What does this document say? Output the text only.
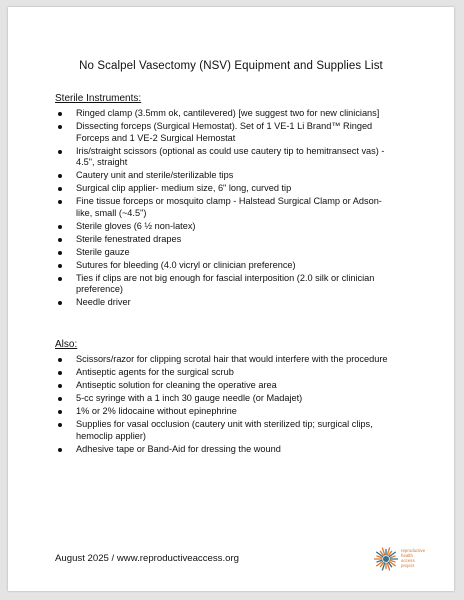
No Scalpel Vasectomy (NSV) Equipment and Supplies List
Sterile Instruments:
Ringed clamp (3.5mm ok, cantilevered) [we suggest two for new clinicians]
Dissecting forceps (Surgical Hemostat). Set of 1 VE-1 Li Brand™ Ringed Forceps and 1 VE-2 Surgical Hemostat
Iris/straight scissors (optional as could use cautery tip to hemitransect vas) - 4.5", straight
Cautery unit and sterile/sterilizable tips
Surgical clip applier- medium size, 6" long, curved tip
Fine tissue forceps or mosquito clamp - Halstead Surgical Clamp or Adson-like, small (~4.5")
Sterile gloves (6 ½ non-latex)
Sterile fenestrated drapes
Sterile gauze
Sutures for bleeding (4.0 vicryl or clinician preference)
Ties if clips are not big enough for fascial interposition (2.0 silk or clinician preference)
Needle driver
Also:
Scissors/razor for clipping scrotal hair that would interfere with the procedure
Antiseptic agents for the surgical scrub
Antiseptic solution for cleaning the operative area
5-cc syringe with a 1 inch 30 gauge needle (or Madajet)
1% or 2% lidocaine without epinephrine
Supplies for vasal occlusion (cautery unit with sterilized tip; surgical clips, hemoclip applier)
Adhesive tape or Band-Aid for dressing the wound
August 2025 / www.reproductiveaccess.org
reproductive
health
access
project
